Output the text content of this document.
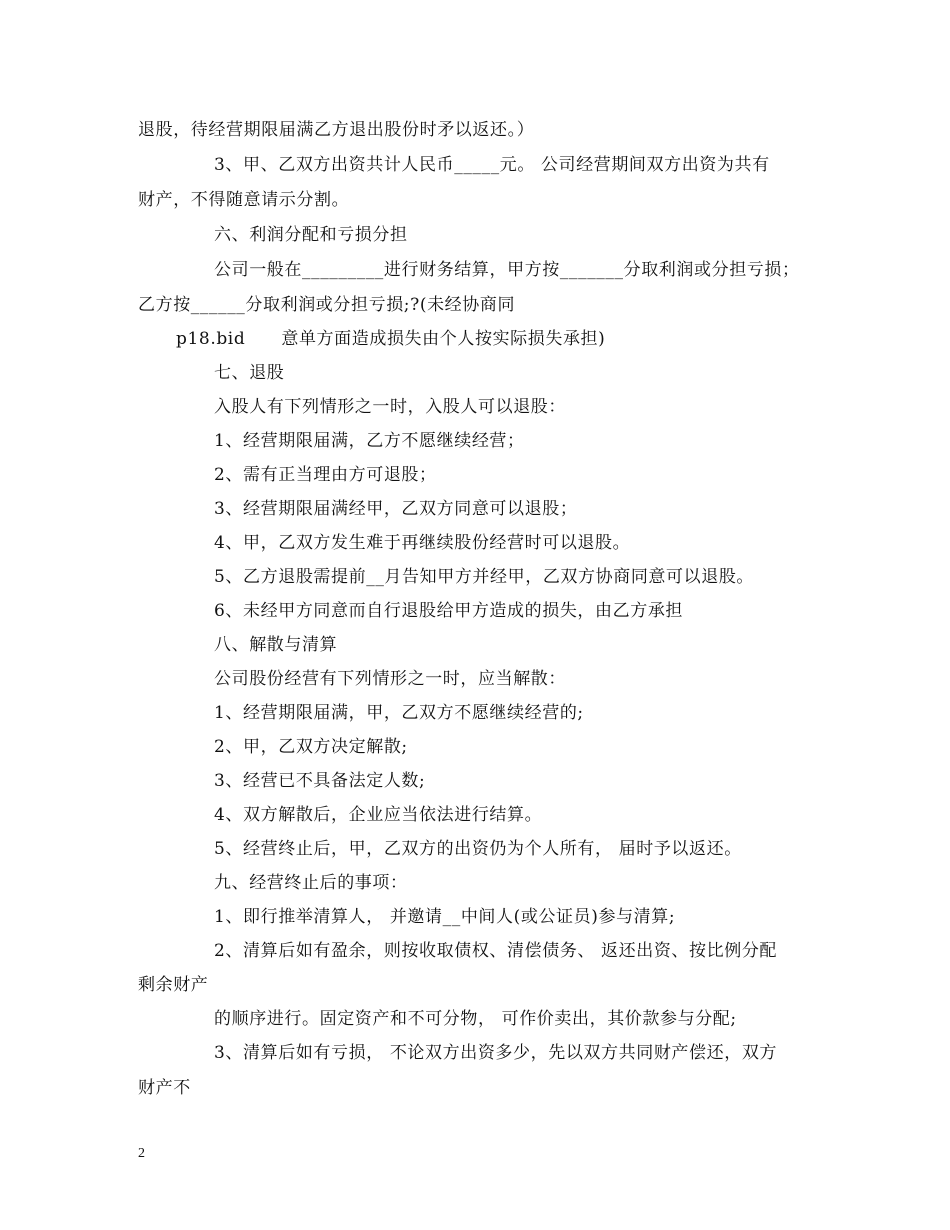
退股，待经营期限届满乙方退出股份时矛以返还。）
3、甲、乙双方出资共计人民币_____元。 公司经营期间双方出资为共有
财产，不得随意请示分割。
六、利润分配和亏损分担
公司一般在_________进行财务结算，甲方按_______分取利润或分担亏损；
乙方按______分取利润或分担亏损;?(未经协商同
p18.bid      意单方面造成损失由个人按实际损失承担)
七、退股
入股人有下列情形之一时，入股人可以退股：
1、经营期限届满，乙方不愿继续经营；
2、需有正当理由方可退股；
3、经营期限届满经甲，乙双方同意可以退股；
4、甲，乙双方发生难于再继续股份经营时可以退股。
5、乙方退股需提前__月告知甲方并经甲，乙双方协商同意可以退股。
6、未经甲方同意而自行退股给甲方造成的损失，由乙方承担
八、解散与清算
公司股份经营有下列情形之一时，应当解散：
1、经营期限届满，甲，乙双方不愿继续经营的;
2、甲，乙双方决定解散;
3、经营已不具备法定人数;
4、双方解散后，企业应当依法进行结算。
5、经营终止后，甲，乙双方的出资仍为个人所有， 届时予以返还。
九、经营终止后的事项：
1、即行推举清算人， 并邀请__中间人(或公证员)参与清算;
2、清算后如有盈余，则按收取债权、清偿债务、 返还出资、按比例分配
剩余财产
的顺序进行。固定资产和不可分物， 可作价卖出，其价款参与分配;
3、清算后如有亏损， 不论双方出资多少，先以双方共同财产偿还，双方
财产不
2
